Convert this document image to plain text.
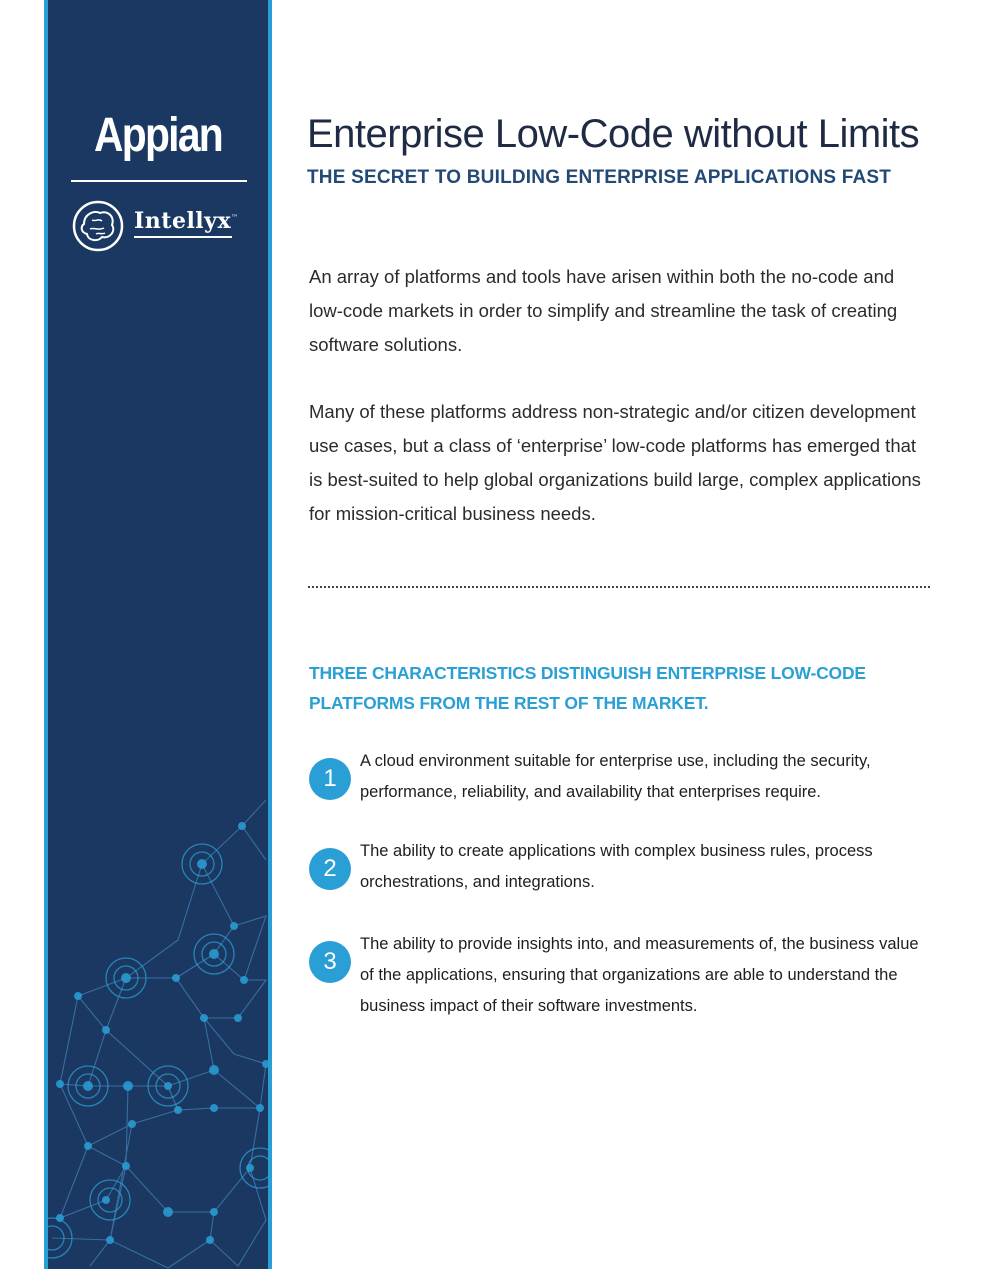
Appian
Intellyx™
Enterprise Low-Code without Limits
THE SECRET TO BUILDING ENTERPRISE APPLICATIONS FAST

An array of platforms and tools have arisen within both the no-code and low-code markets in order to simplify and streamline the task of creating software solutions.

Many of these platforms address non-strategic and/or citizen development use cases, but a class of ‘enterprise’ low-code platforms has emerged that is best-suited to help global organizations build large, complex applications for mission-critical business needs.

THREE CHARACTERISTICS DISTINGUISH ENTERPRISE LOW-CODE PLATFORMS FROM THE REST OF THE MARKET.
1
A cloud environment suitable for enterprise use, including the security, performance, reliability, and availability that enterprises require.
2
The ability to create applications with complex business rules, process orchestrations, and integrations.
3
The ability to provide insights into, and measurements of, the business value of the applications, ensuring that organizations are able to understand the business impact of their software investments.
